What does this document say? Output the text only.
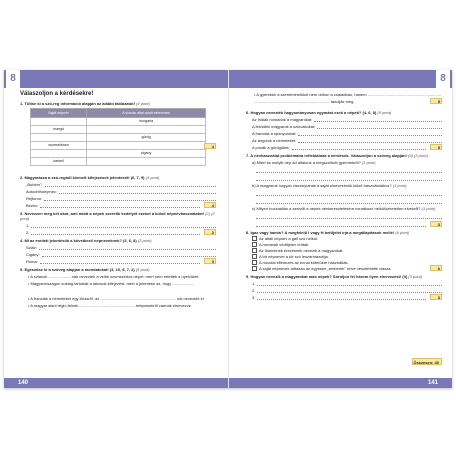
8	8
Válaszoljon a kérdésekre!
1. Töltse ki a szó-reg információ alapján az alábbi táblázatot! (4 pont)
Saját népnév	A vizsolc által adott elnevezés
	hungaria
mangó	
	görög
suomalainen	
	cigány
kantell	
4
2. Magyarázza a szó-regből kiemelt kifejezések jelentését! (6, 7, 9) (4 pont)
„Bohém":
Autochthonymec:
Rejturon:
Bezho:	4
3. Nevezzen meg két okot, ami miatt a népek szeretik kedélyét ezeket a külső népnévhasználatot! (2) (2 pont)
1.
2.	2
4. Mi az eredeti jelentésük a következő népneveknek? (3, 6, 8) (3 pont)
Szláv:
Cigány:
Roma:	3
5. Egészítse ki a szöveg alapján a mondatokat! (3, 10, 8, 7, 2) (5 pont)
• A szlávok .................... nak nevezték a velük szomszédos népet, mert nem értették a nyelvüket.
• Magyarországon sokáig tartották a lakosok kifejezést, mert a jelentése az, hogy ....................
• A franciák a németeket egy törzsről, az .................................................................... nál nevezték el.
• A magyar alsói régió felnek .................................................. telepesekről vannak elnevezve.
• A gyerekek a szerelméreikkel nem otthon a családban, hanem ..................................................................
.................................................................... tanulják meg.	5
6. Hogyan nevezték hagyományosan egymást ezek a népek? (4, 6, 8) (5 pont)
Az indiák nomádok a magyarokat:
A felvidéki magyarok a szlovákokat:
A franciák a spanyolokat:
Az angolok a németeket:
A posák a görögöket:	5
7. A névhasználat problémáira reflektálnak a kérdések. Válaszoljon a szöveg alapján! (9) (3 pont)
a) Miért és melyik nép ad általunk a megszólított gyermekről? (1 pont)
b) A magyarok hogyan viszonyulnak a saját elnevezésük külső használatához? (1 pont)
c) Milyen hozzáállás a szerzői a népek névkeresztelésére vonatkozó nélkülözhetetlen elvekről? (1 pont)
3
8. Igaz vagy hamis? A megfelelő I vagy H betűjelet írja a megállapítások mellé! (6 pont)
Az általi népnév a gall szó nélkül.
A romának védőjelen leírtak.
Az őseinknek érezésnek nevezik a magyarokat.
A tót népnevet a tót szó leszármazottja.
A mozdai ellenezés az ennai kötetükre használták.
A saját népnevek adtasan az egyesen „emberek" értve vesztethetik viasza.	6
9. Hogyan nevezik a magyarokat más népek? Soroljon fel három ilyen elnevezést! (9) (3 pont)
1.
2.
3.	3
Összesen: 40
140	141
